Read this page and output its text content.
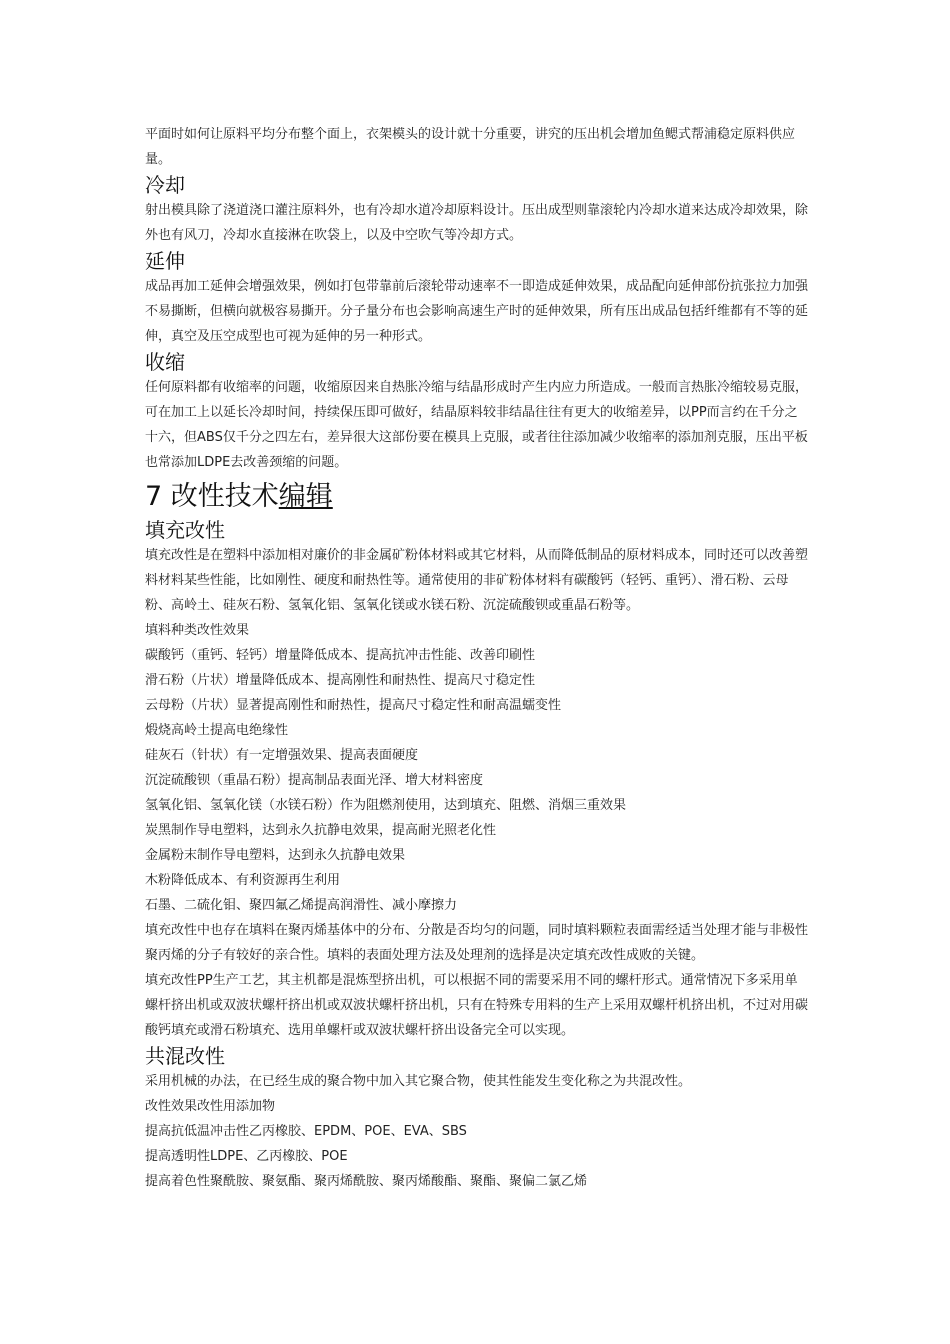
平面时如何让原料平均分布整个面上，衣架模头的设计就十分重要，讲究的压出机会增加鱼鳃式帮浦稳定原料供应量。

冷却

射出模具除了浇道浇口灌注原料外，也有冷却水道冷却原料设计。压出成型则靠滚轮内冷却水道来达成冷却效果，除外也有风刀，冷却水直接淋在吹袋上，以及中空吹气等冷却方式。

延伸

成品再加工延伸会增强效果，例如打包带靠前后滚轮带动速率不一即造成延伸效果，成品配向延伸部份抗张拉力加强不易撕断，但横向就极容易撕开。分子量分布也会影响高速生产时的延伸效果，所有压出成品包括纤维都有不等的延伸，真空及压空成型也可视为延伸的另一种形式。

收缩

任何原料都有收缩率的问题，收缩原因来自热胀冷缩与结晶形成时产生内应力所造成。一般而言热胀冷缩较易克服，可在加工上以延长冷却时间，持续保压即可做好，结晶原料较非结晶往往有更大的收缩差异，以PP而言约在千分之十六，但ABS仅千分之四左右，差异很大这部份要在模具上克服，或者往往添加减少收缩率的添加剂克服，压出平板也常添加LDPE去改善颈缩的问题。

7 改性技术编辑
填充改性

填充改性是在塑料中添加相对廉价的非金属矿粉体材料或其它材料，从而降低制品的原材料成本，同时还可以改善塑料材料某些性能，比如刚性、硬度和耐热性等。通常使用的非矿粉体材料有碳酸钙（轻钙、重钙）、滑石粉、云母粉、高岭土、硅灰石粉、氢氧化铝、氢氧化镁或水镁石粉、沉淀硫酸钡或重晶石粉等。

填料种类改性效果

碳酸钙（重钙、轻钙）增量降低成本、提高抗冲击性能、改善印刷性

滑石粉（片状）增量降低成本、提高刚性和耐热性、提高尺寸稳定性

云母粉（片状）显著提高刚性和耐热性，提高尺寸稳定性和耐高温蠕变性

煅烧高岭土提高电绝缘性

硅灰石（针状）有一定增强效果、提高表面硬度

沉淀硫酸钡（重晶石粉）提高制品表面光泽、增大材料密度

氢氧化铝、氢氧化镁（水镁石粉）作为阻燃剂使用，达到填充、阻燃、消烟三重效果

炭黑制作导电塑料，达到永久抗静电效果，提高耐光照老化性

金属粉末制作导电塑料，达到永久抗静电效果

木粉降低成本、有利资源再生利用

石墨、二硫化钼、聚四氟乙烯提高润滑性、减小摩擦力

填充改性中也存在填料在聚丙烯基体中的分布、分散是否均匀的问题，同时填料颗粒表面需经适当处理才能与非极性聚丙烯的分子有较好的亲合性。填料的表面处理方法及处理剂的选择是决定填充改性成败的关键。

填充改性PP生产工艺，其主机都是混炼型挤出机，可以根据不同的需要采用不同的螺杆形式。通常情况下多采用单螺杆挤出机或双波状螺杆挤出机或双波状螺杆挤出机，只有在特殊专用料的生产上采用双螺杆机挤出机，不过对用碳酸钙填充或滑石粉填充、选用单螺杆或双波状螺杆挤出设备完全可以实现。

共混改性

采用机械的办法，在已经生成的聚合物中加入其它聚合物，使其性能发生变化称之为共混改性。

改性效果改性用添加物

提高抗低温冲击性乙丙橡胶、EPDM、POE、EVA、SBS

提高透明性LDPE、乙丙橡胶、POE

提高着色性聚酰胺、聚氨酯、聚丙烯酰胺、聚丙烯酸酯、聚酯、聚偏二氯乙烯
